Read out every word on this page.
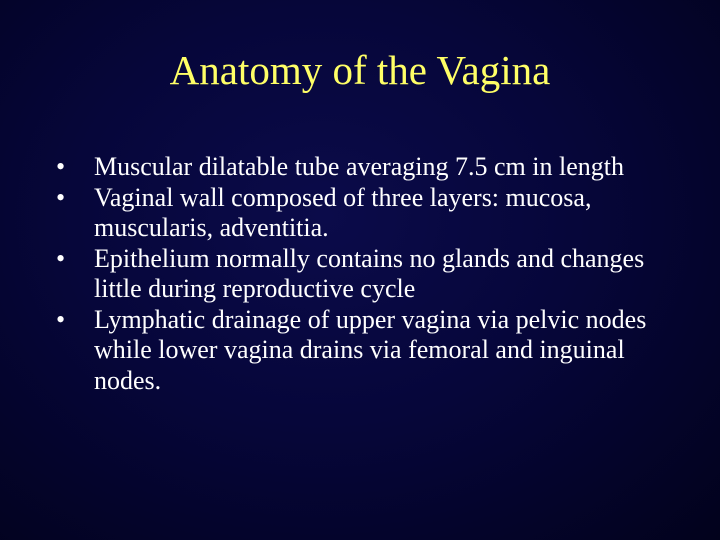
Anatomy of the Vagina
•	Muscular dilatable tube averaging 7.5 cm in length
•	Vaginal wall composed of three layers: mucosa, muscularis, adventitia.
•	Epithelium normally contains no glands and changes little during reproductive cycle
•	Lymphatic drainage of upper vagina via pelvic nodes while lower vagina drains via femoral and inguinal nodes.
